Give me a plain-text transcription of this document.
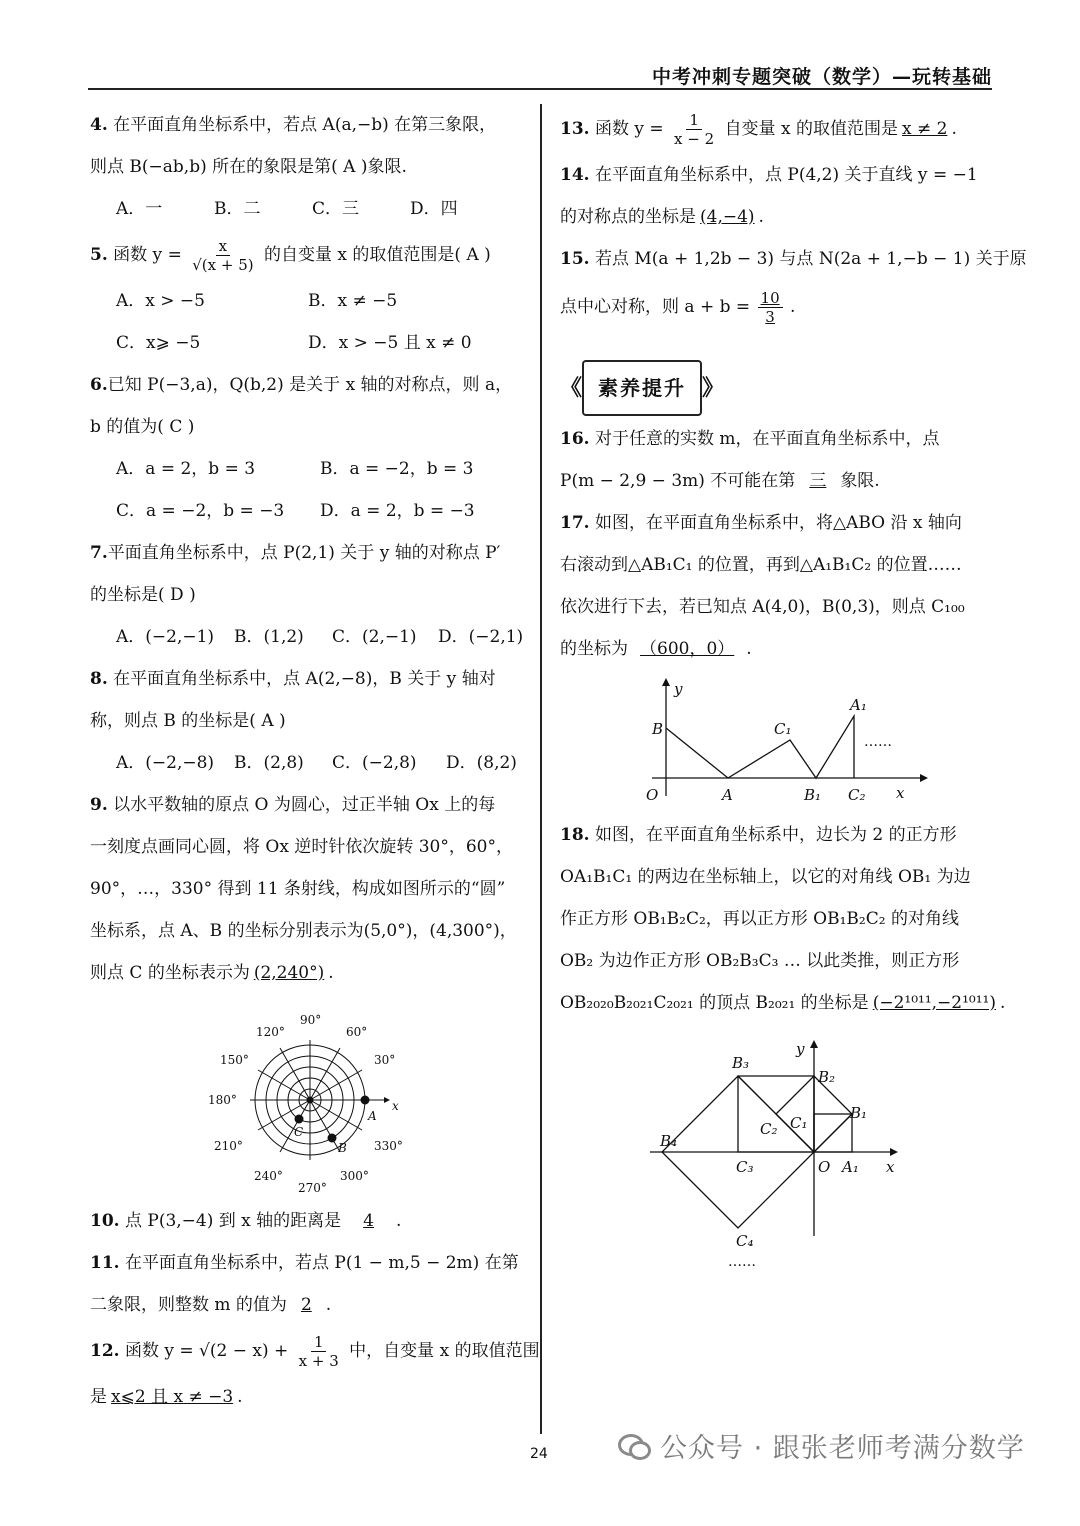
中考冲刺专题突破（数学）—玩转基础

4. 在平面直角坐标系中，若点 A(a,−b) 在第三象限，

则点 B(−ab,b) 所在的象限是第( A )象限.

A．一	B．二	C．三	D．四

5. 函数 $y = \frac{x}{√(x + 5)}$ 的自变量 x 的取值范围是( A )

A．x > −5	B．x ≠ −5
C．x⩾ −5	D．x > −5 且 x ≠ 0

6.已知 P(−3,a)，Q(b,2) 是关于 x 轴的对称点，则 a，

b 的值为( C )

A．a = 2，b = 3	B．a = −2，b = 3
C．a = −2，b = −3	D．a = 2，b = −3

7.平面直角坐标系中，点 P(2,1) 关于 y 轴的对称点 P′

的坐标是( D )

A．(−2,−1)	B．(1,2)	C．(2,−1)	D．(−2,1)

8. 在平面直角坐标系中，点 A(2,−8)，B 关于 y 轴对

称，则点 B 的坐标是( A )

A．(−2,−8)	B．(2,8)	C．(−2,8)	D．(8,2)

9. 以水平数轴的原点 O 为圆心，过正半轴 Ox 上的每

一刻度点画同心圆，将 Ox 逆时针依次旋转 30°，60°，

90°，…，330° 得到 11 条射线，构成如图所示的“圆”

坐标系，点 A、B 的坐标分别表示为(5,0°)，(4,300°)，

则点 C 的坐标表示为 (2,240°) .

90°
60°
30°
x
330°
300°
270°
240°
210°
180°
150°
120°
A
B
C

10. 点 P(3,−4) 到 x 轴的距离是 4 .

11. 在平面直角坐标系中，若点 P(1 − m,5 − 2m) 在第

二象限，则整数 m 的值为 2 .

12. 函数 $y = √(2 - x) + \frac{1}{x + 3}$ 中，自变量 x 的取值范围

是 x⩽2 且 x ≠ −3 .

13. 函数 $y = \frac{1}{x - 2}$ 自变量 x 的取值范围是 x ≠ 2 .

14. 在平面直角坐标系中，点 P(4,2) 关于直线 y = −1

的对称点的坐标是 (4,−4) .

15. 若点 M(a + 1,2b − 3) 与点 N(2a + 1,−b − 1) 关于原

点中心对称，则 $a + b = \frac{10}{3}$ .

《 素养提升 》

16. 对于任意的实数 m，在平面直角坐标系中，点

P(m − 2,9 − 3m) 不可能在第 三 象限.

17. 如图，在平面直角坐标系中，将△ABO 沿 x 轴向

右滚动到△AB₁C₁ 的位置，再到△A₁B₁C₂ 的位置……

依次进行下去，若已知点 A(4,0)，B(0,3)，则点 C₁₀₀

的坐标为 （600，0） .

y
x
O
B
A
C₁
B₁ C₂
A₁
……

18. 如图，在平面直角坐标系中，边长为 2 的正方形

OA₁B₁C₁ 的两边在坐标轴上，以它的对角线 OB₁ 为边

作正方形 OB₁B₂C₂，再以正方形 OB₁B₂C₂ 的对角线

OB₂ 为边作正方形 OB₂B₃C₃ … 以此类推，则正方形

OB₂₀₂₀B₂₀₂₁C₂₀₂₁ 的顶点 B₂₀₂₁ 的坐标是 (−2¹⁰¹¹,−2¹⁰¹¹) .

B₃
y
B₂
B₁
C₂ C₁
B₄
C₃	O A₁ x
C₄
……
24	公众号 · 跟张老师考满分数学
